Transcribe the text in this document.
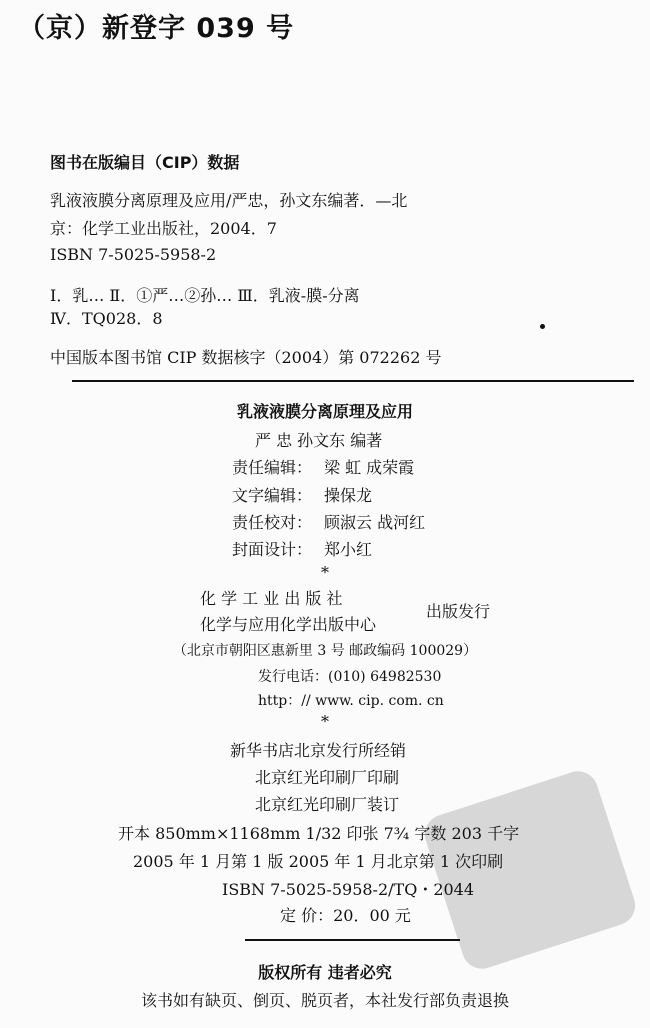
（京）新登字 039 号
图书在版编目（CIP）数据
乳液液膜分离原理及应用/严忠，孙文东编著．—北
京：化学工业出版社，2004．7
ISBN 7-5025-5958-2
Ⅰ．乳… Ⅱ．①严…②孙… Ⅲ．乳液-膜-分离
Ⅳ．TQ028．8
中国版本图书馆 CIP 数据核字（2004）第 072262 号
乳液液膜分离原理及应用
严 忠 孙文东 编著
责任编辑： 梁 虹 成荣霞
文字编辑： 操保龙
责任校对： 顾淑云 战河红
封面设计： 郑小红
*
化 学 工 业 出 版 社
化学与应用化学出版中心
出版发行
（北京市朝阳区惠新里 3 号 邮政编码 100029）
发行电话：(010) 64982530
http：// www. cip. com. cn
*
新华书店北京发行所经销
北京红光印刷厂印刷
北京红光印刷厂装订
开本 850mm×1168mm 1/32 印张 7¾ 字数 203 千字
2005 年 1 月第 1 版 2005 年 1 月北京第 1 次印刷
ISBN 7-5025-5958-2/TQ・2044
定 价：20．00 元
版权所有 违者必究
该书如有缺页、倒页、脱页者，本社发行部负责退换
